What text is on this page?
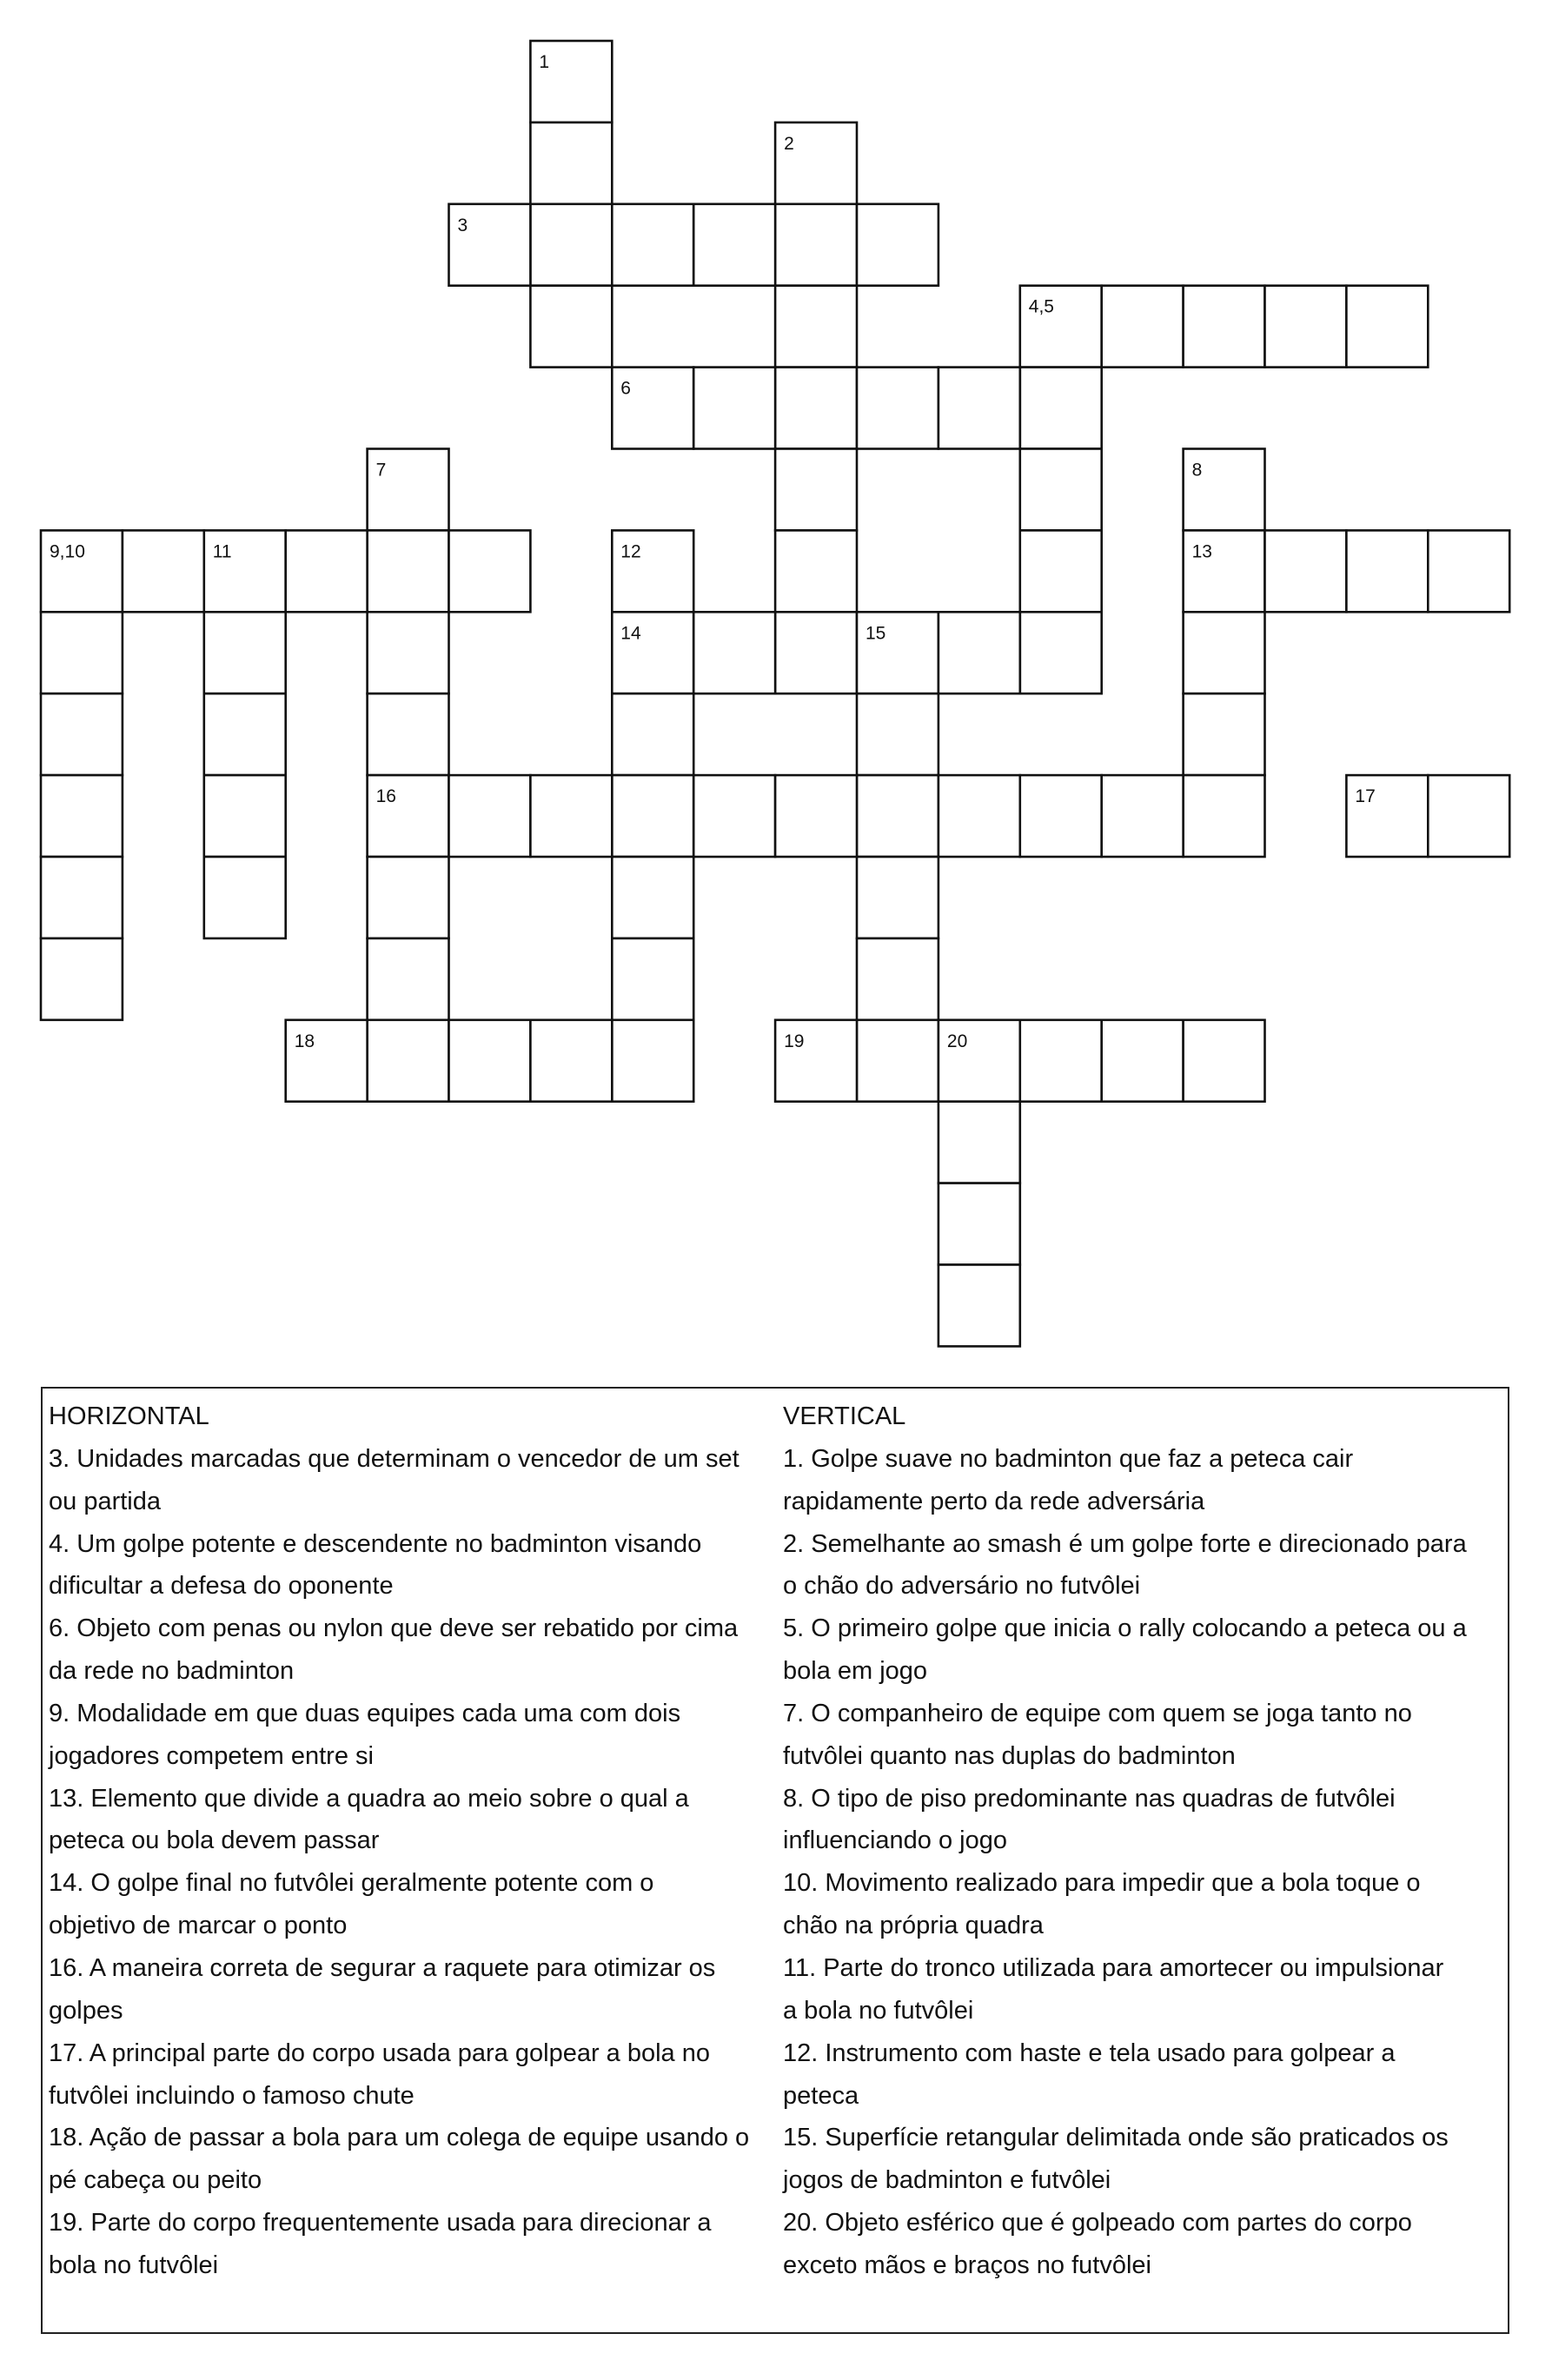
1
2
3
4,5
6
7	8
9,10	11	12	13
14	15
16	17
18	19	20
HORIZONTAL
3. Unidades marcadas que determinam o vencedor de um set
ou partida
4. Um golpe potente e descendente no badminton visando
dificultar a defesa do oponente
6. Objeto com penas ou nylon que deve ser rebatido por cima
da rede no badminton
9. Modalidade em que duas equipes cada uma com dois
jogadores competem entre si
13. Elemento que divide a quadra ao meio sobre o qual a
peteca ou bola devem passar
14. O golpe final no futvôlei geralmente potente com o
objetivo de marcar o ponto
16. A maneira correta de segurar a raquete para otimizar os
golpes
17. A principal parte do corpo usada para golpear a bola no
futvôlei incluindo o famoso chute
18. Ação de passar a bola para um colega de equipe usando o
pé cabeça ou peito
19. Parte do corpo frequentemente usada para direcionar a
bola no futvôlei
VERTICAL
1. Golpe suave no badminton que faz a peteca cair
rapidamente perto da rede adversária
2. Semelhante ao smash é um golpe forte e direcionado para
o chão do adversário no futvôlei
5. O primeiro golpe que inicia o rally colocando a peteca ou a
bola em jogo
7. O companheiro de equipe com quem se joga tanto no
futvôlei quanto nas duplas do badminton
8. O tipo de piso predominante nas quadras de futvôlei
influenciando o jogo
10. Movimento realizado para impedir que a bola toque o
chão na própria quadra
11. Parte do tronco utilizada para amortecer ou impulsionar
a bola no futvôlei
12. Instrumento com haste e tela usado para golpear a
peteca
15. Superfície retangular delimitada onde são praticados os
jogos de badminton e futvôlei
20. Objeto esférico que é golpeado com partes do corpo
exceto mãos e braços no futvôlei
